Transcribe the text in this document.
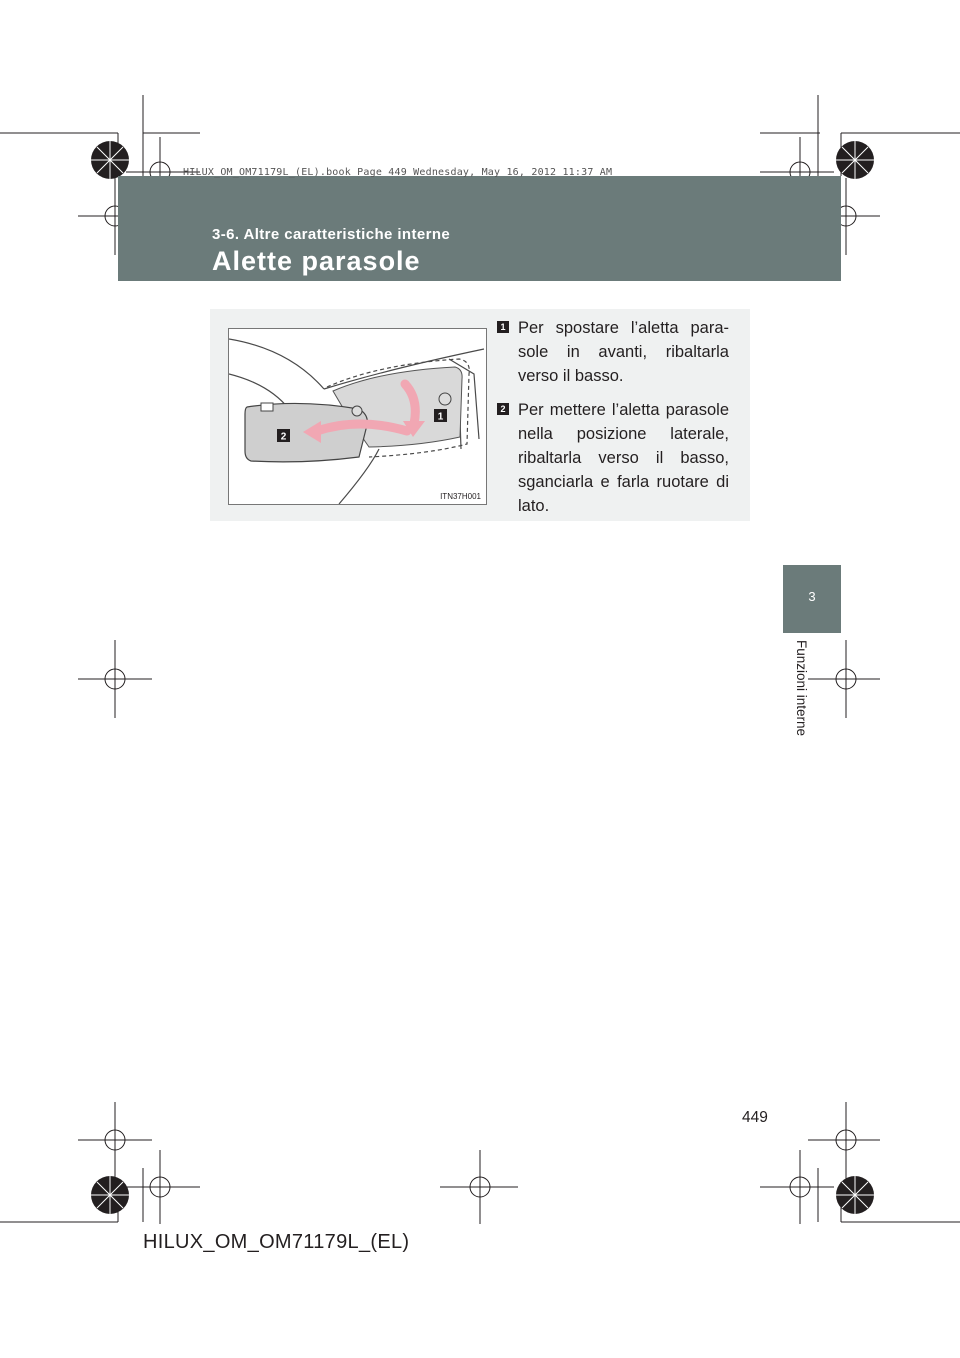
HILUX_OM_OM71179L_(EL).book Page 449 Wednesday, May 16, 2012 11:37 AM
3-6. Altre caratteristiche interne
Alette parasole
1
2
ITN37H001
1 Per spostare l’aletta para-sole in avanti, ribaltarla verso il basso.
2 Per mettere l’aletta parasole nella posizione laterale, ribaltarla verso il basso, sganciarla e farla ruotare di lato.
3
Funzioni interne
449
HILUX_OM_OM71179L_(EL)
